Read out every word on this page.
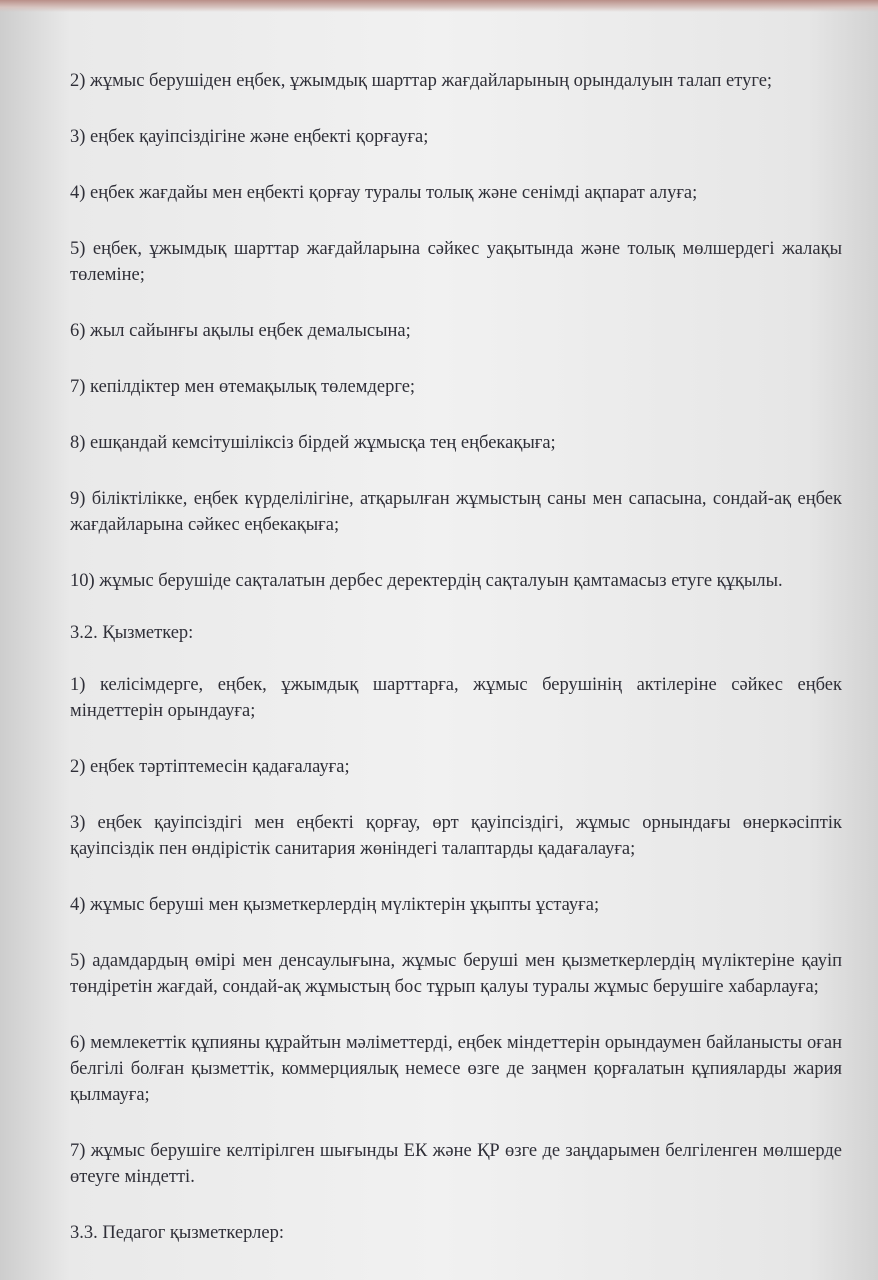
2) жұмыс берушіден еңбек, ұжымдық шарттар жағдайларының орындалуын талап етуге;

3) еңбек қауіпсіздігіне және еңбекті қорғауға;

4) еңбек жағдайы мен еңбекті қорғау туралы толық және сенімді ақпарат алуға;

5) еңбек, ұжымдық шарттар жағдайларына сәйкес уақытында және толық мөлшердегі жалақы төлеміне;

6) жыл сайынғы ақылы еңбек демалысына;

7) кепілдіктер мен өтемақылық төлемдерге;

8) ешқандай кемсітушіліксіз бірдей жұмысқа тең еңбекақыға;

9) біліктілікке, еңбек күрделілігіне, атқарылған жұмыстың саны мен сапасына, сондай-ақ еңбек жағдайларына сәйкес еңбекақыға;

10) жұмыс берушіде сақталатын дербес деректердің сақталуын қамтамасыз етуге құқылы.

3.2. Қызметкер:

1) келісімдерге, еңбек, ұжымдық шарттарға, жұмыс берушінің актілеріне сәйкес еңбек міндеттерін орындауға;

2) еңбек тәртіптемесін қадағалауға;

3) еңбек қауіпсіздігі мен еңбекті қорғау, өрт қауіпсіздігі, жұмыс орнындағы өнеркәсіптік қауіпсіздік пен өндірістік санитария жөніндегі талаптарды қадағалауға;

4) жұмыс беруші мен қызметкерлердің мүліктерін ұқыпты ұстауға;

5) адамдардың өмірі мен денсаулығына, жұмыс беруші мен қызметкерлердің мүліктеріне қауіп төндіретін жағдай, сондай-ақ жұмыстың бос тұрып қалуы туралы жұмыс берушіге хабарлауға;

6) мемлекеттік құпияны құрайтын мәліметтерді, еңбек міндеттерін орындаумен байланысты оған белгілі болған қызметтік, коммерциялық немесе өзге де заңмен қорғалатын құпияларды жария қылмауға;

7) жұмыс берушіге келтірілген шығынды ЕК және ҚР өзге де заңдарымен белгіленген мөлшерде өтеуге міндетті.

3.3. Педагог қызметкерлер:
